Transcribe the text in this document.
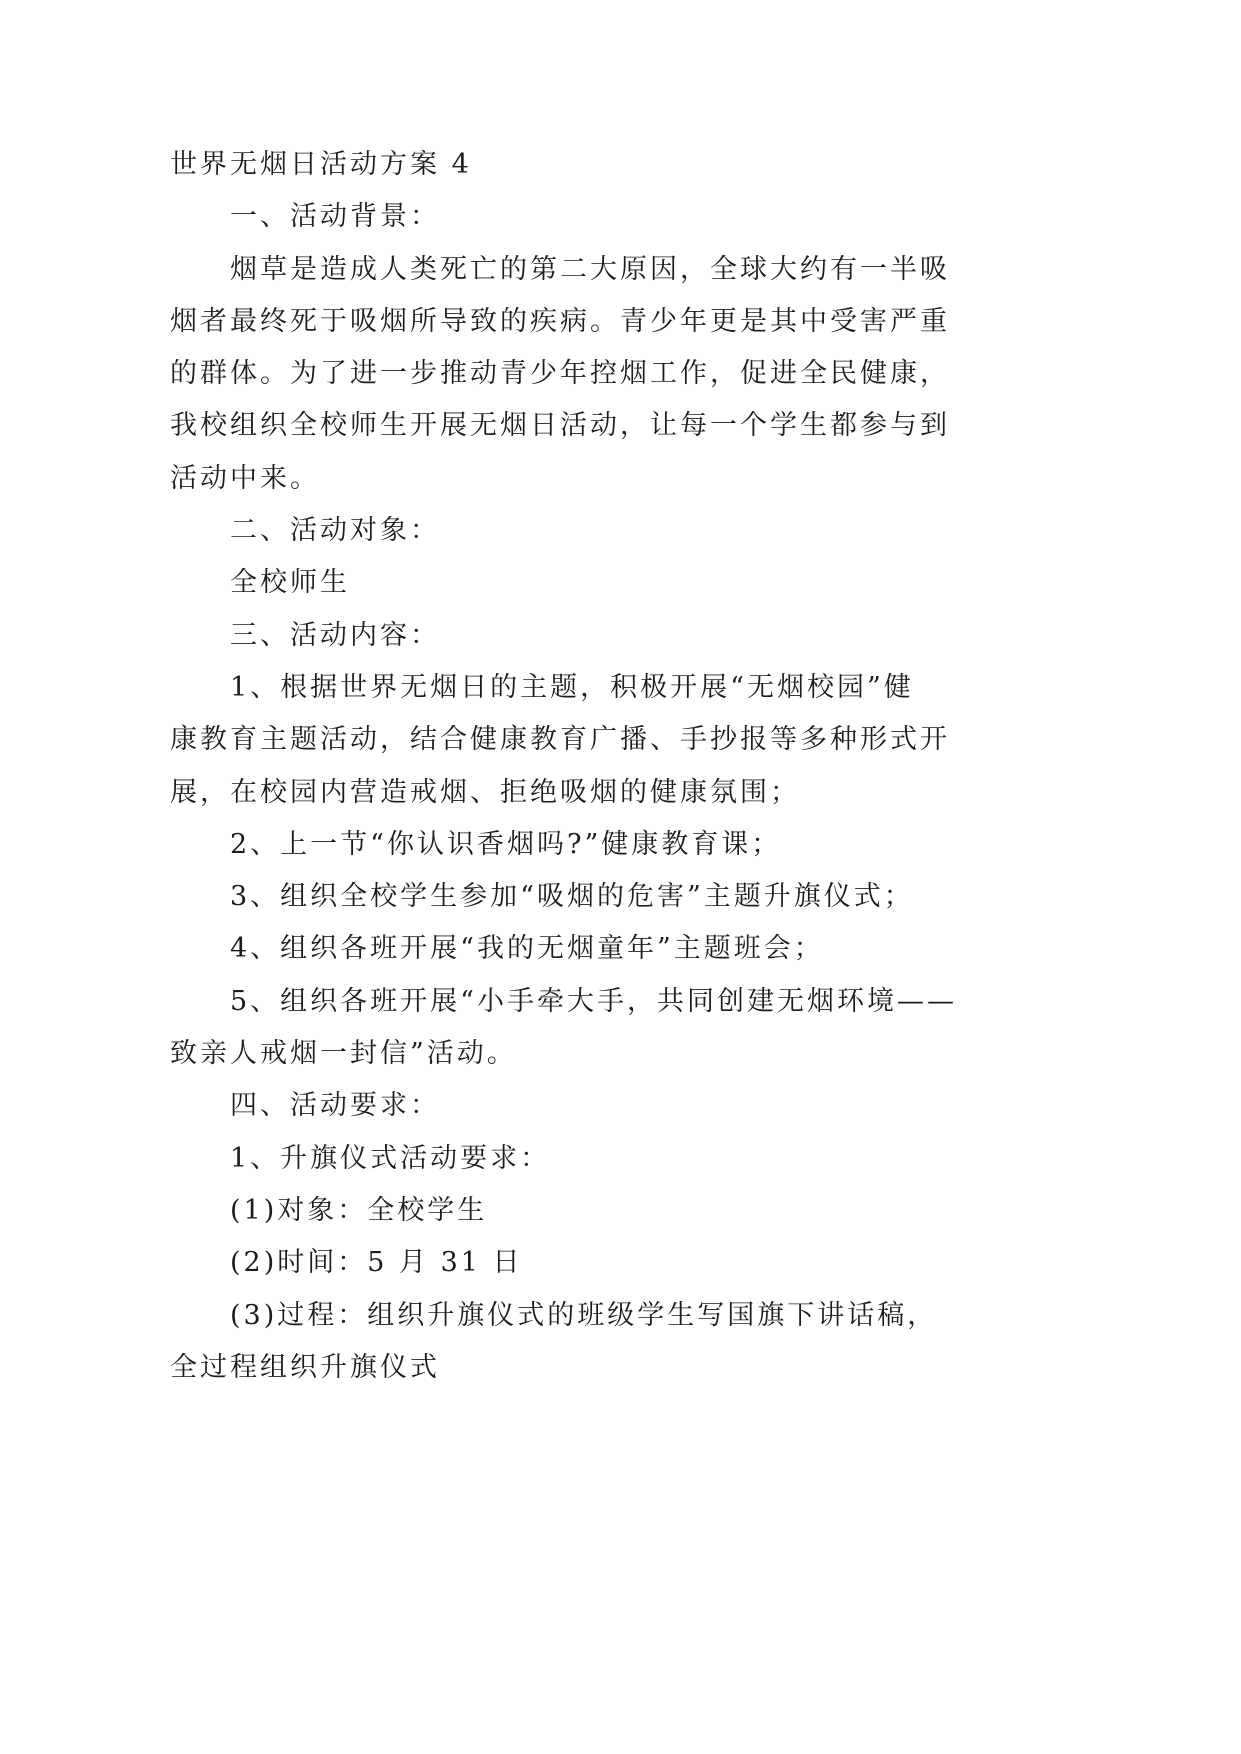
世界无烟日活动方案 4
一、活动背景：
烟草是造成人类死亡的第二大原因，全球大约有一半吸
烟者最终死于吸烟所导致的疾病。青少年更是其中受害严重
的群体。为了进一步推动青少年控烟工作，促进全民健康，
我校组织全校师生开展无烟日活动，让每一个学生都参与到
活动中来。
二、活动对象：
全校师生
三、活动内容：
1、根据世界无烟日的主题，积极开展“无烟校园”健
康教育主题活动，结合健康教育广播、手抄报等多种形式开
展，在校园内营造戒烟、拒绝吸烟的健康氛围；
2、上一节“你认识香烟吗?”健康教育课；
3、组织全校学生参加“吸烟的危害”主题升旗仪式；
4、组织各班开展“我的无烟童年”主题班会；
5、组织各班开展“小手牵大手，共同创建无烟环境——
致亲人戒烟一封信”活动。
四、活动要求：
1、升旗仪式活动要求：
(1)对象：全校学生
(2)时间：5 月 31 日
(3)过程：组织升旗仪式的班级学生写国旗下讲话稿，
全过程组织升旗仪式
